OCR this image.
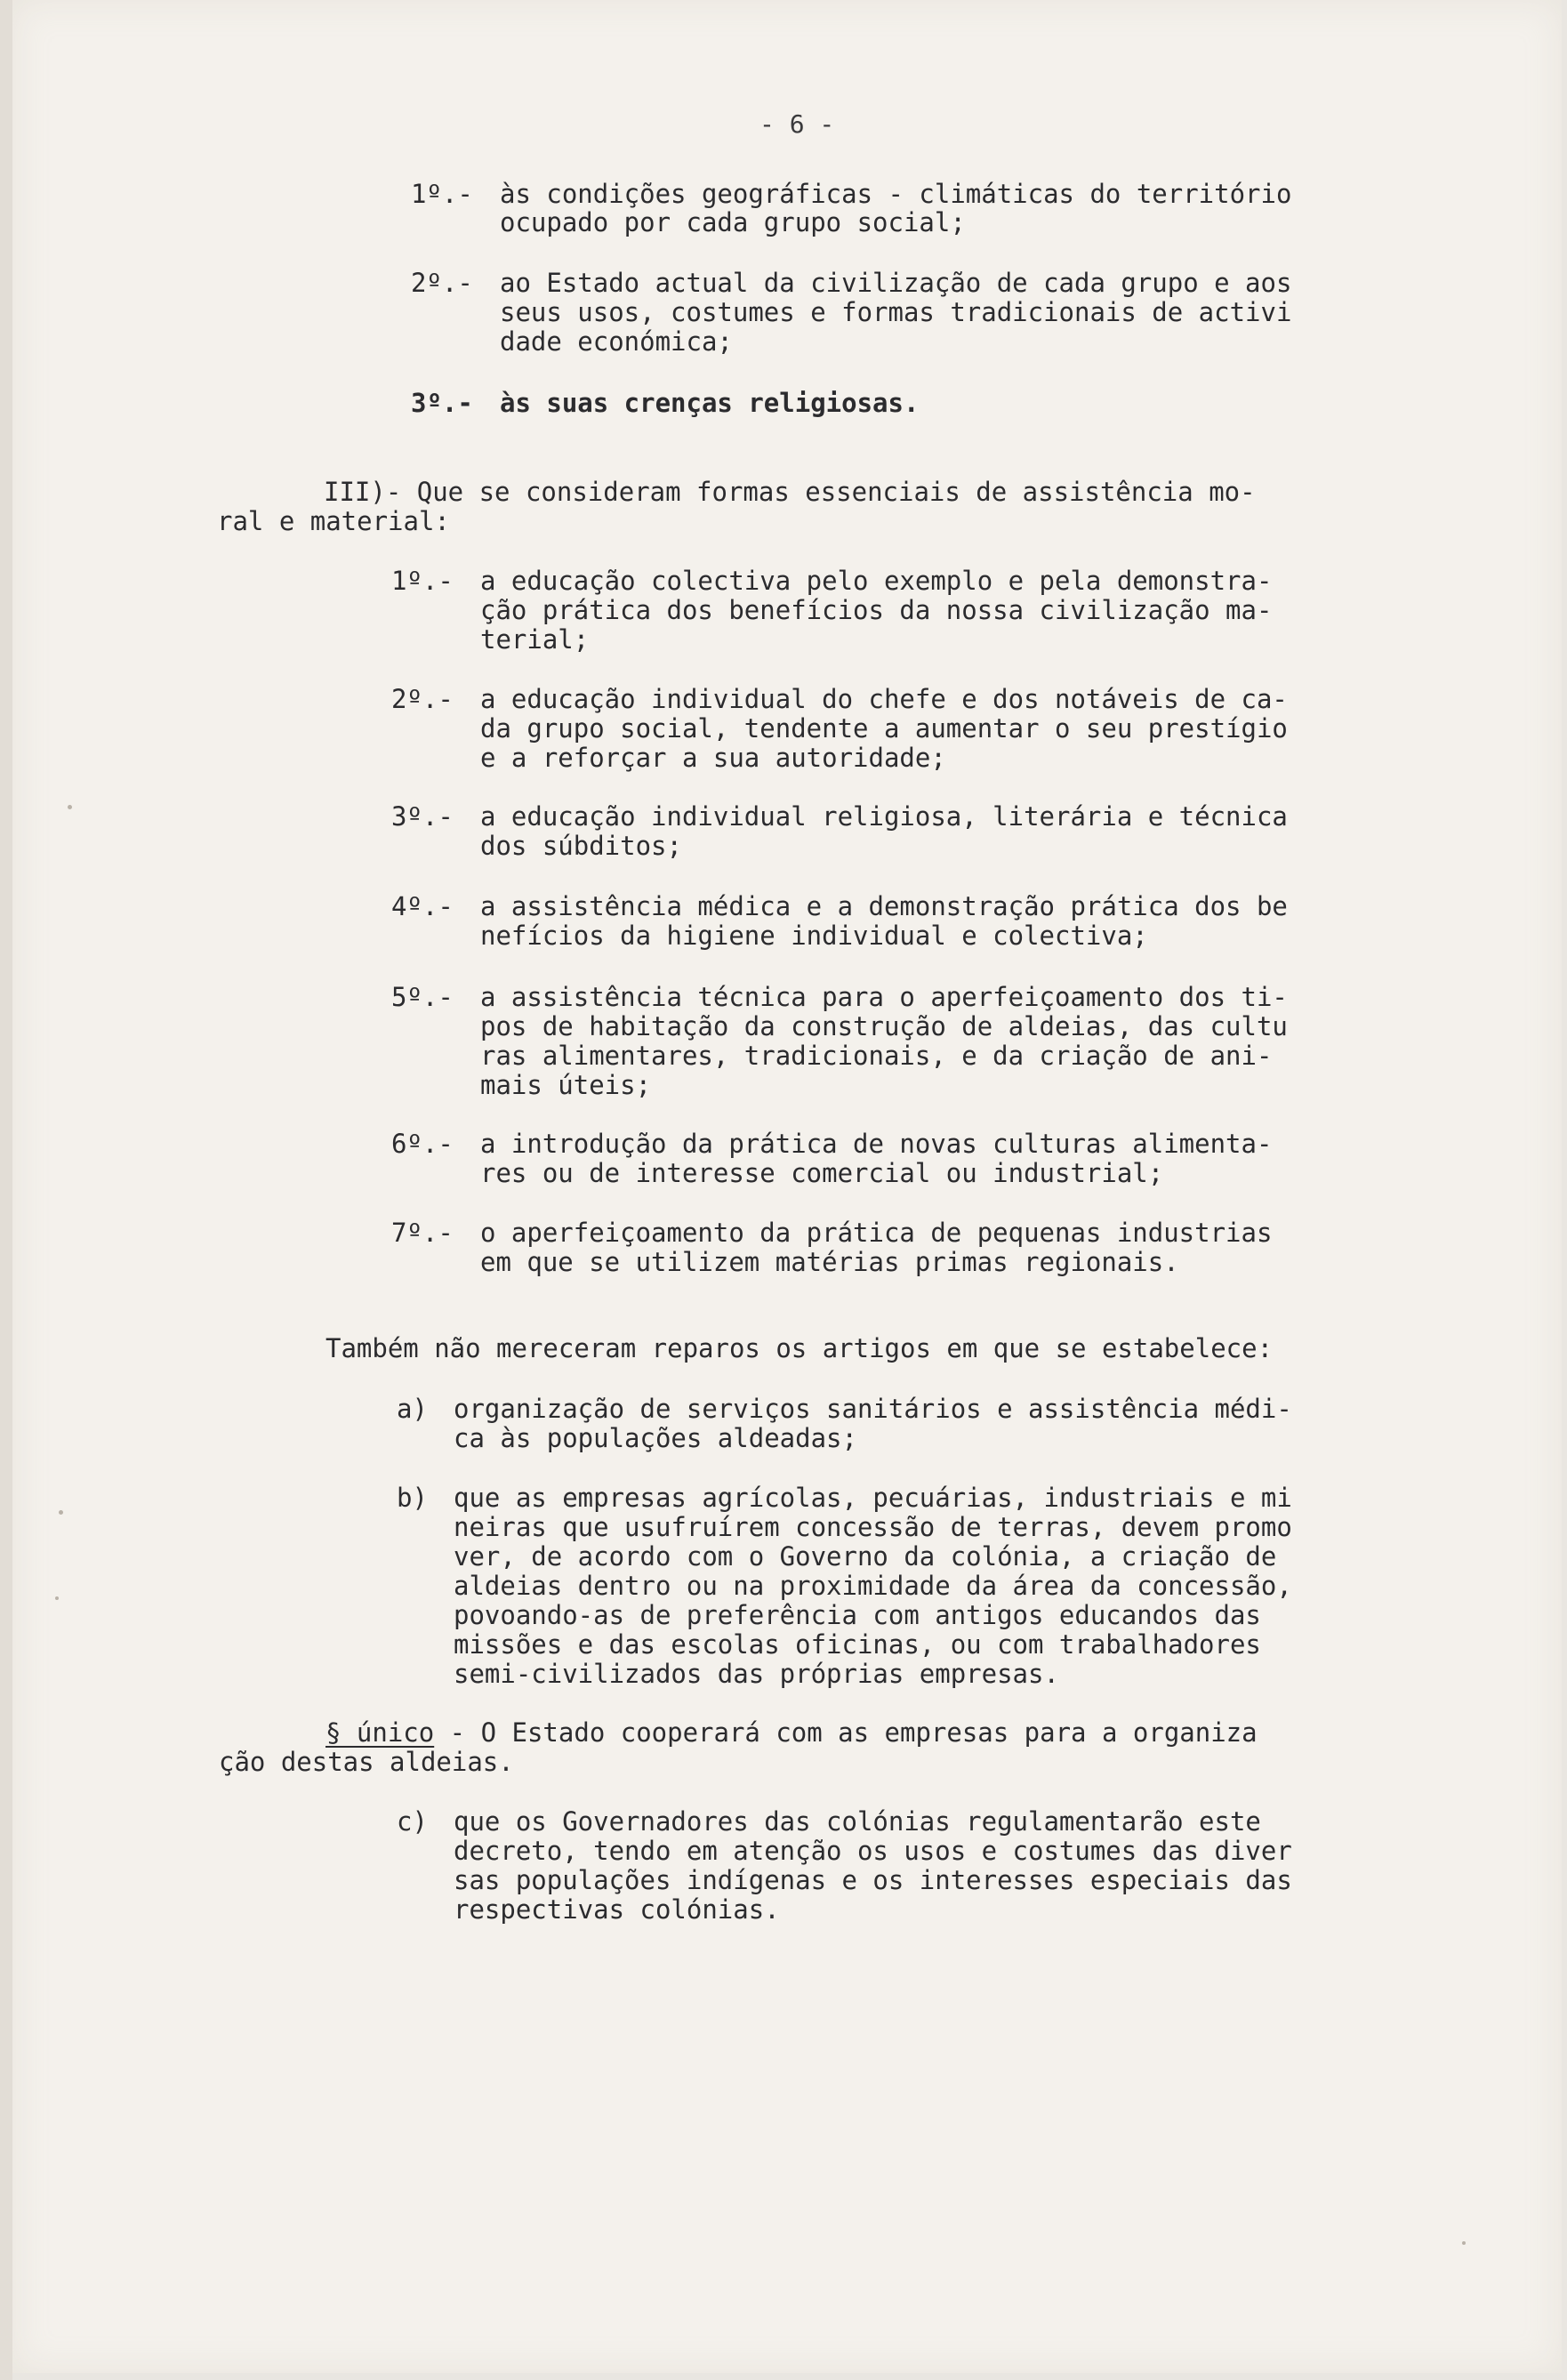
- 6 -
1º.- às condições geográficas - climáticas do território
ocupado por cada grupo social;
2º.- ao Estado actual da civilização de cada grupo e aos
seus usos, costumes e formas tradicionais de activi
dade económica;
3º.- às suas crenças religiosas.
III)- Que se consideram formas essenciais de assistência mo-
ral e material:
1º.- a educação colectiva pelo exemplo e pela demonstra-
ção prática dos benefícios da nossa civilização ma-
terial;
2º.- a educação individual do chefe e dos notáveis de ca-
da grupo social, tendente a aumentar o seu prestígio
e a reforçar a sua autoridade;
3º.- a educação individual religiosa, literária e técnica
dos súbditos;
4º.- a assistência médica e a demonstração prática dos be
nefícios da higiene individual e colectiva;
5º.- a assistência técnica para o aperfeiçoamento dos ti-
pos de habitação da construção de aldeias, das cultu
ras alimentares, tradicionais, e da criação de ani-
mais úteis;
6º.- a introdução da prática de novas culturas alimenta-
res ou de interesse comercial ou industrial;
7º.- o aperfeiçoamento da prática de pequenas industrias
em que se utilizem matérias primas regionais.
Também não mereceram reparos os artigos em que se estabelece:
a) organização de serviços sanitários e assistência médi-
ca às populações aldeadas;
b) que as empresas agrícolas, pecuárias, industriais e mi
neiras que usufruírem concessão de terras, devem promo
ver, de acordo com o Governo da colónia, a criação de
aldeias dentro ou na proximidade da área da concessão,
povoando-as de preferência com antigos educandos das
missões e das escolas oficinas, ou com trabalhadores
semi-civilizados das próprias empresas.
§ único - O Estado cooperará com as empresas para a organiza
ção destas aldeias.
c) que os Governadores das colónias regulamentarão este
decreto, tendo em atenção os usos e costumes das diver
sas populações indígenas e os interesses especiais das
respectivas colónias.
